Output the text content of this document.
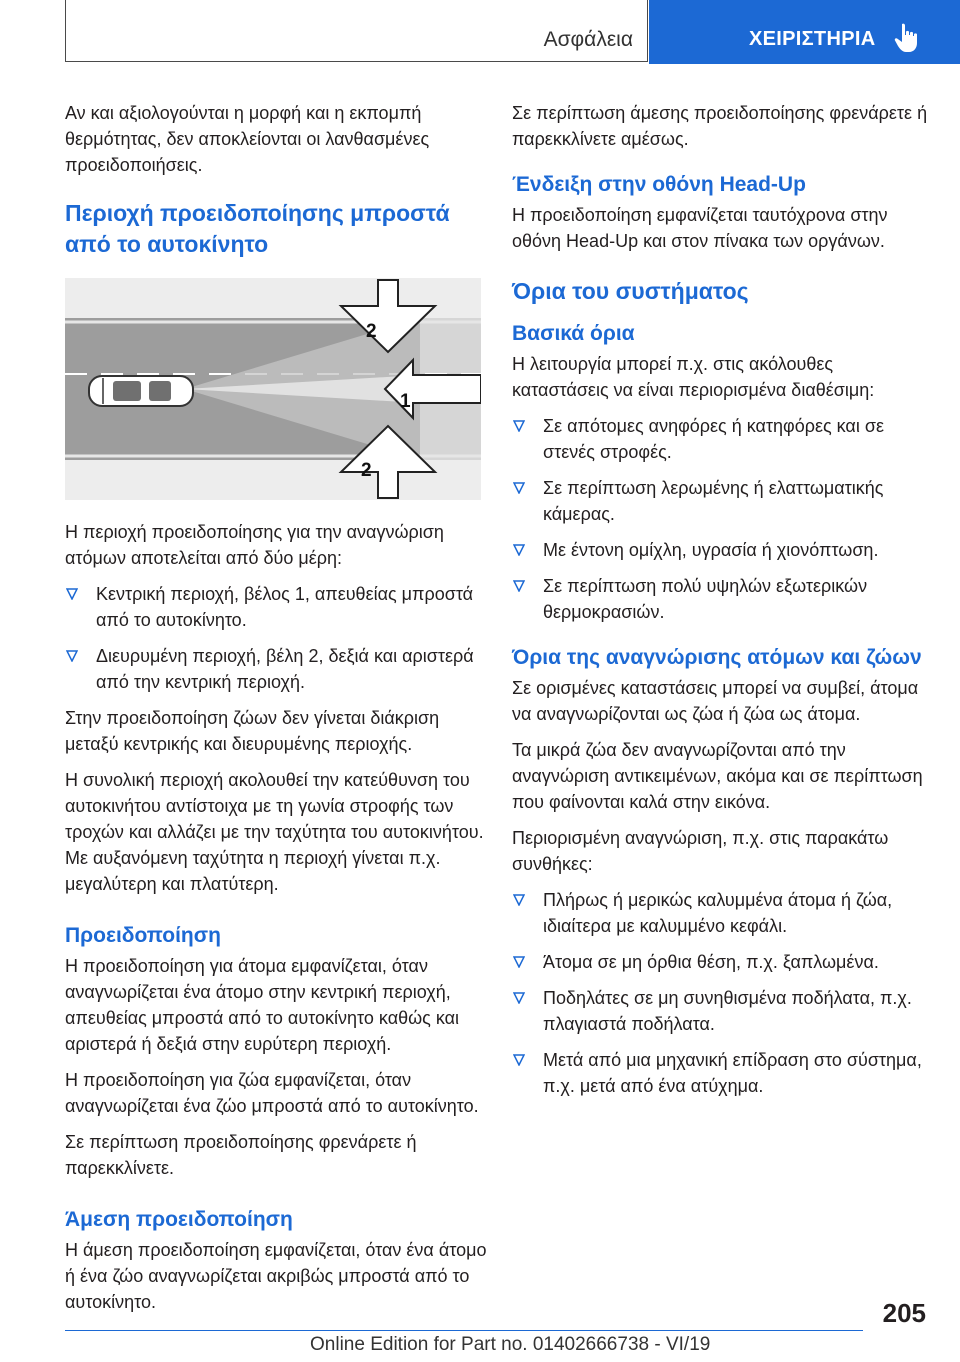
Ασφάλεια	ΧΕΙΡΙΣΤΗΡΙΑ

Αν και αξιολογούνται η μορφή και η εκπομπή θερμότητας, δεν αποκλείονται οι λανθασμένες προειδοποιήσεις.

Περιοχή προειδοποίησης μπροστά από το αυτοκίνητο
2
1
2

Η περιοχή προειδοποίησης για την αναγνώριση ατόμων αποτελείται από δύο μέρη:

Κεντρική περιοχή, βέλος 1, απευθείας μπροστά από το αυτοκίνητο.
Διευρυμένη περιοχή, βέλη 2, δεξιά και αριστερά από την κεντρική περιοχή.

Στην προειδοποίηση ζώων δεν γίνεται διάκριση μεταξύ κεντρικής και διευρυμένης περιοχής.

Η συνολική περιοχή ακολουθεί την κατεύθυνση του αυτοκινήτου αντίστοιχα με τη γωνία στροφής των τροχών και αλλάζει με την ταχύτητα του αυτοκινήτου. Με αυξανόμενη ταχύτητα η περιοχή γίνεται π.χ. μεγαλύτερη και πλατύτερη.

Προειδοποίηση

Η προειδοποίηση για άτομα εμφανίζεται, όταν αναγνωρίζεται ένα άτομο στην κεντρική περιοχή, απευθείας μπροστά από το αυτοκίνητο καθώς και αριστερά ή δεξιά στην ευρύτερη περιοχή.

Η προειδοποίηση για ζώα εμφανίζεται, όταν αναγνωρίζεται ένα ζώο μπροστά από το αυτοκίνητο.

Σε περίπτωση προειδοποίησης φρενάρετε ή παρεκκλίνετε.

Άμεση προειδοποίηση

Η άμεση προειδοποίηση εμφανίζεται, όταν ένα άτομο ή ένα ζώο αναγνωρίζεται ακριβώς μπροστά από το αυτοκίνητο.

Σε περίπτωση άμεσης προειδοποίησης φρενάρετε ή παρεκκλίνετε αμέσως.

Ένδειξη στην οθόνη Head-Up

Η προειδοποίηση εμφανίζεται ταυτόχρονα στην οθόνη Head-Up και στον πίνακα των οργάνων.

Όρια του συστήματος
Βασικά όρια

Η λειτουργία μπορεί π.χ. στις ακόλουθες καταστάσεις να είναι περιορισμένα διαθέσιμη:

Σε απότομες ανηφόρες ή κατηφόρες και σε στενές στροφές.
Σε περίπτωση λερωμένης ή ελαττωματικής κάμερας.
Με έντονη ομίχλη, υγρασία ή χιονόπτωση.
Σε περίπτωση πολύ υψηλών εξωτερικών θερμοκρασιών.
Όρια της αναγνώρισης ατόμων και ζώων

Σε ορισμένες καταστάσεις μπορεί να συμβεί, άτομα να αναγνωρίζονται ως ζώα ή ζώα ως άτομα.

Τα μικρά ζώα δεν αναγνωρίζονται από την αναγνώριση αντικειμένων, ακόμα και σε περίπτωση που φαίνονται καλά στην εικόνα.

Περιορισμένη αναγνώριση, π.χ. στις παρακάτω συνθήκες:

Πλήρως ή μερικώς καλυμμένα άτομα ή ζώα, ιδιαίτερα με καλυμμένο κεφάλι.
Άτομα σε μη όρθια θέση, π.χ. ξαπλωμένα.
Ποδηλάτες σε μη συνηθισμένα ποδήλατα, π.χ. πλαγιαστά ποδήλατα.
Μετά από μια μηχανική επίδραση στο σύστημα, π.χ. μετά από ένα ατύχημα.
205
Online Edition for Part no. 01402666738 - VI/19
